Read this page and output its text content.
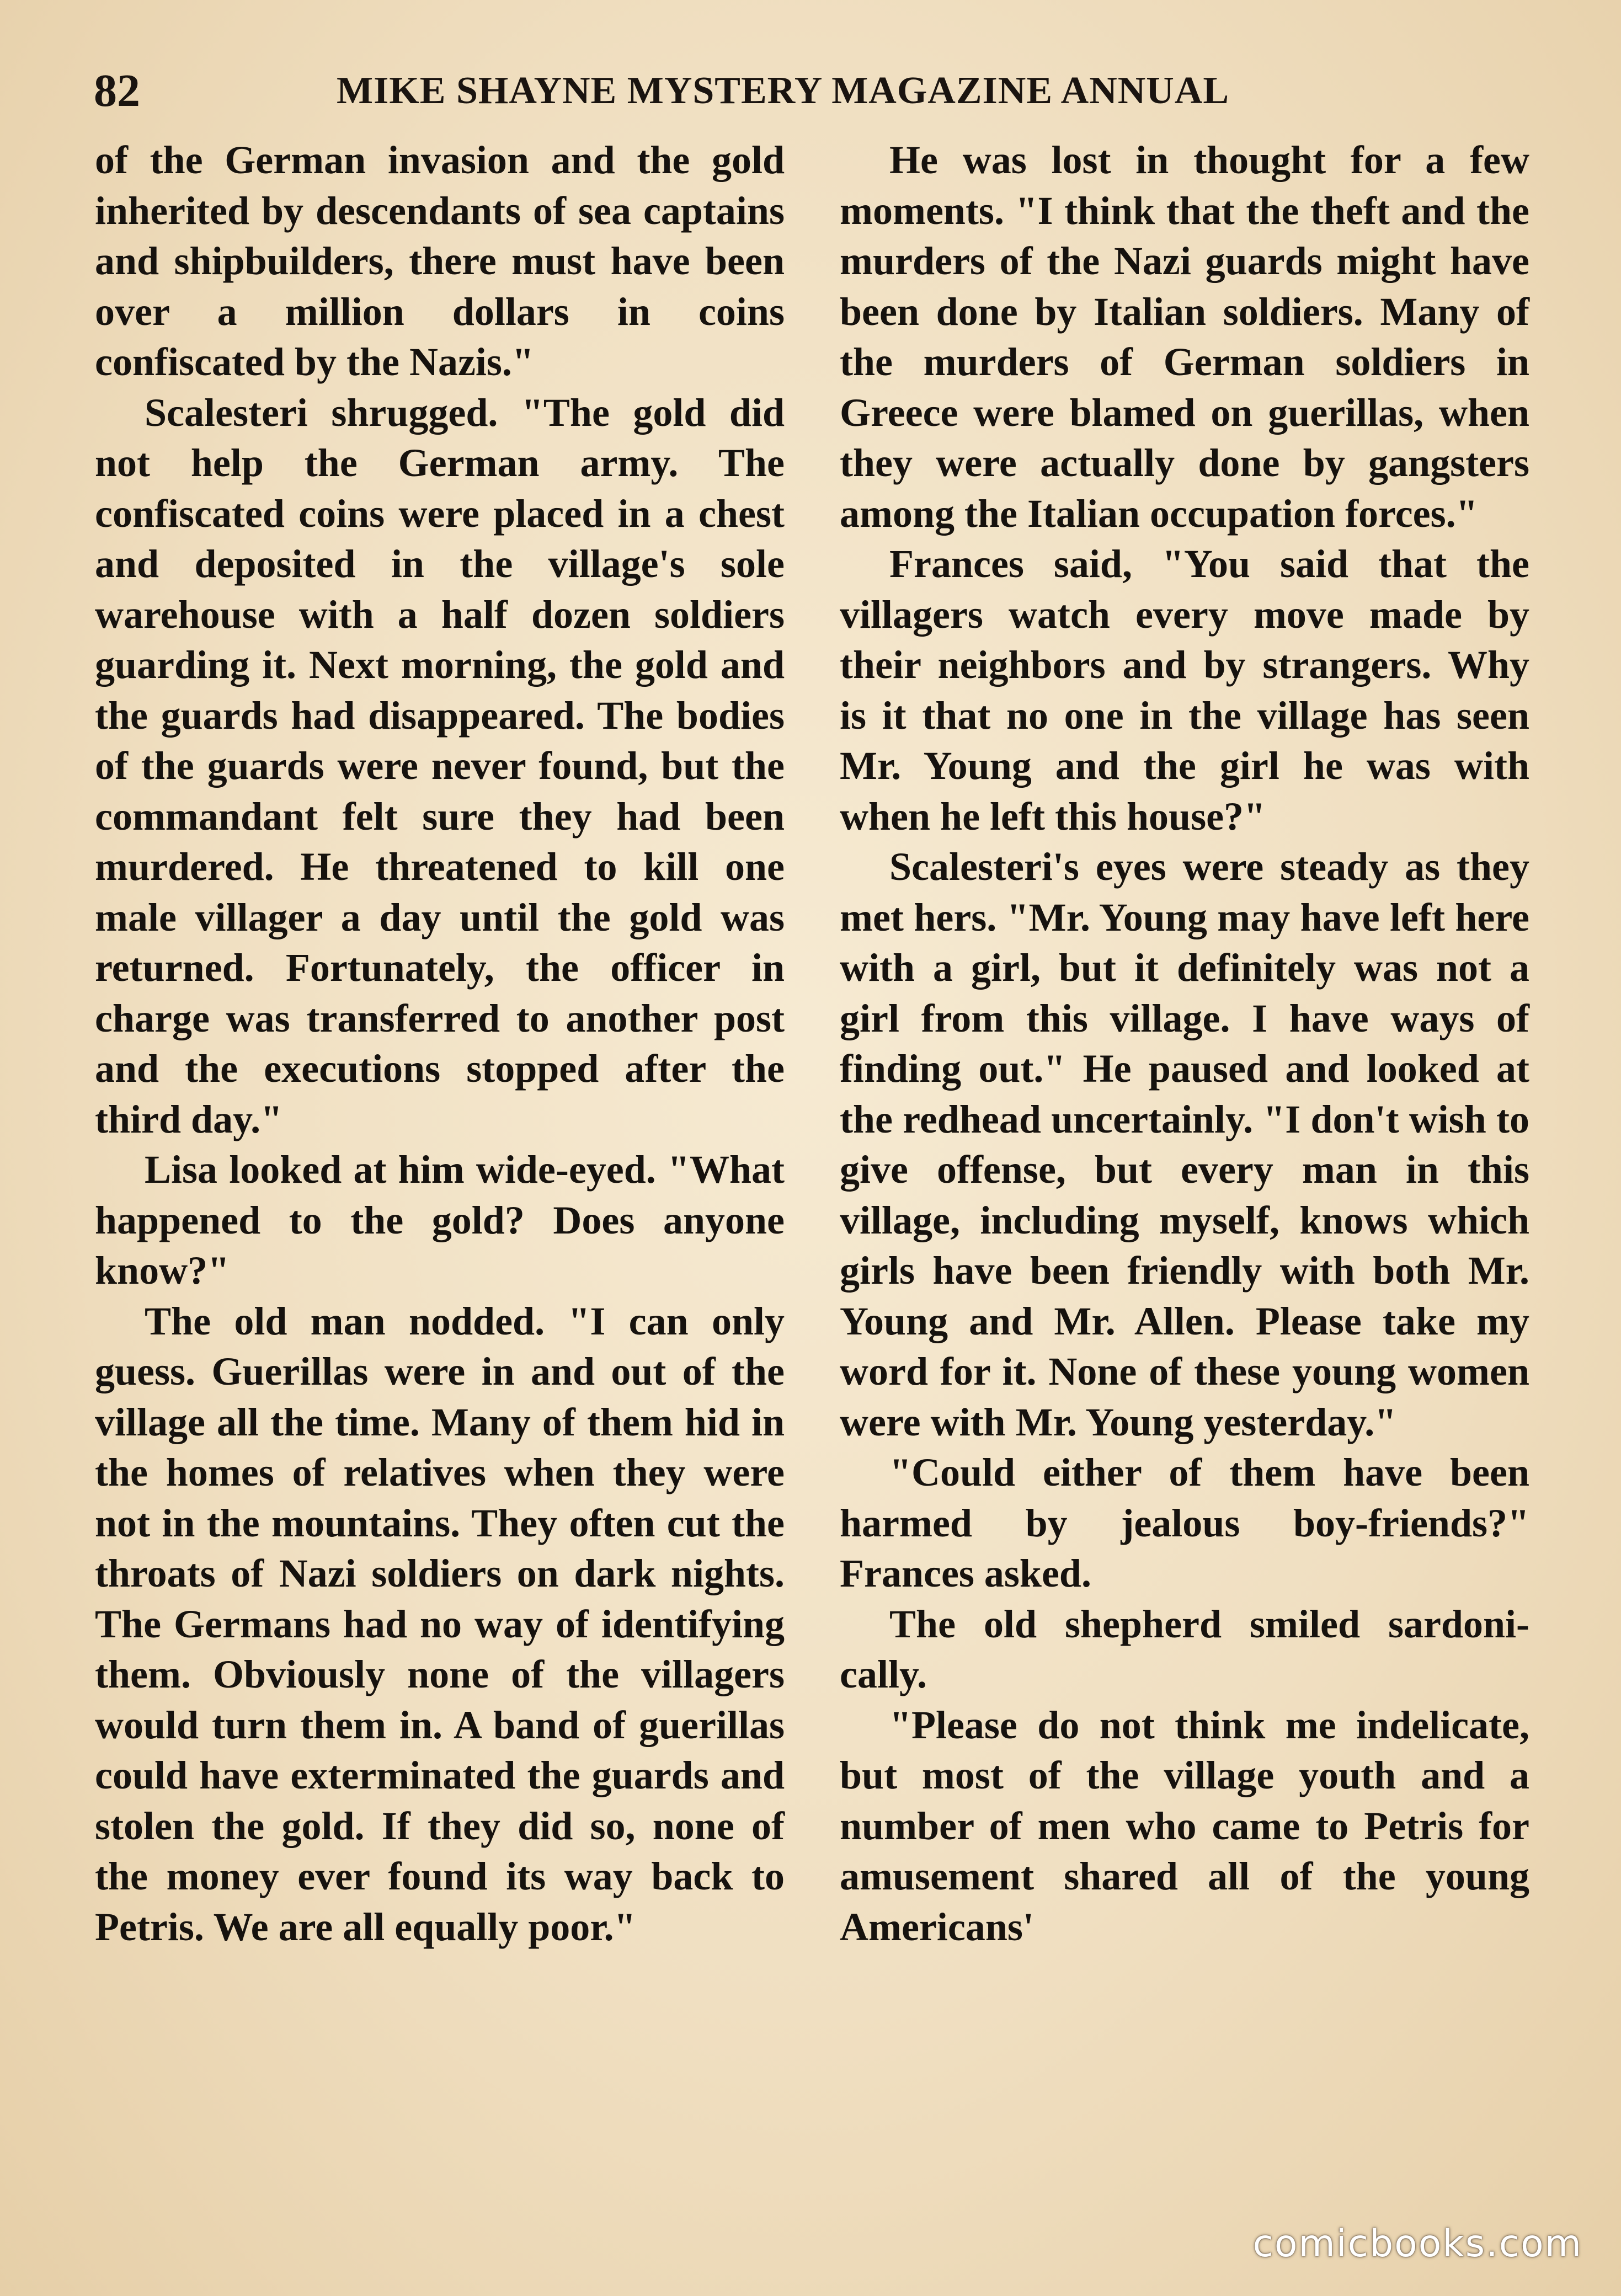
82	MIKE SHAYNE MYSTERY MAGAZINE ANNUAL

of the German invasion and the gold inherited by descendants of sea captains and shipbuilders, there must have been over a million dollars in coins confiscated by the Nazis."

Scalesteri shrugged. "The gold did not help the German army. The confiscated coins were placed in a chest and deposited in the village's sole warehouse with a half dozen soldiers guarding it. Next morning, the gold and the guards had disappeared. The bodies of the guards were never found, but the commandant felt sure they had been murdered. He threatened to kill one male villager a day until the gold was returned. Fortunately, the officer in charge was transferred to another post and the executions stopped after the third day."

Lisa looked at him wide-eyed. "What happened to the gold? Does anyone know?"

The old man nodded. "I can only guess. Guerillas were in and out of the village all the time. Many of them hid in the homes of relatives when they were not in the mountains. They often cut the throats of Nazi soldiers on dark nights. The Germans had no way of identifying them. Obviously none of the villagers would turn them in. A band of guerillas could have exterminated the guards and stolen the gold. If they did so, none of the money ever found its way back to Petris. We are all equally poor."

He was lost in thought for a few moments. "I think that the theft and the murders of the Nazi guards might have been done by Italian soldiers. Many of the murders of German soldiers in Greece were blamed on guerillas, when they were actually done by gangsters among the Italian occupation forces."

Frances said, "You said that the villagers watch every move made by their neighbors and by strangers. Why is it that no one in the village has seen Mr. Young and the girl he was with when he left this house?"

Scalesteri's eyes were steady as they met hers. "Mr. Young may have left here with a girl, but it definitely was not a girl from this village. I have ways of finding out." He paused and looked at the redhead uncertainly. "I don't wish to give offense, but every man in this village, including myself, knows which girls have been friendly with both Mr. Young and Mr. Allen. Please take my word for it. None of these young women were with Mr. Young yesterday."

"Could either of them have been harmed by jealous boy-friends?" Frances asked.

The old shepherd smiled sardonically.

"Please do not think me indelicate, but most of the village youth and a number of men who came to Petris for amusement shared all of the young Americans'

comicbooks.com
